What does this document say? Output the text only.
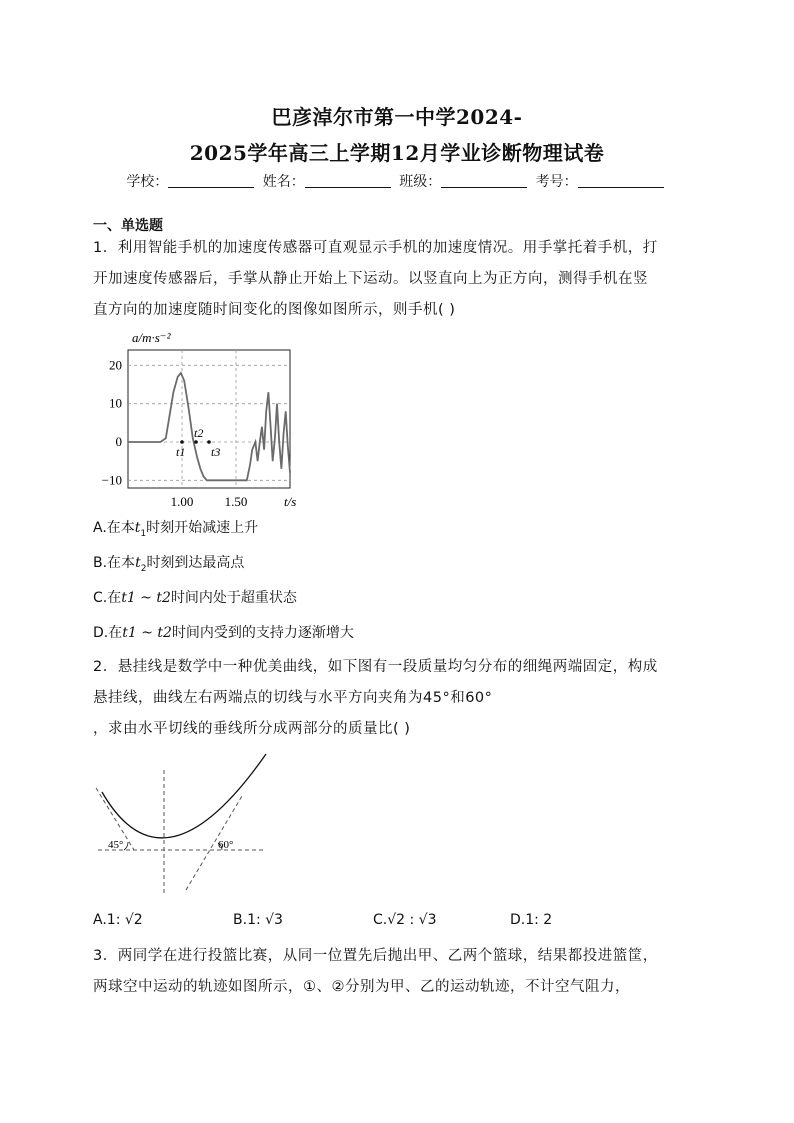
巴彦淖尔市第一中学2024-
2025学年高三上学期12月学业诊断物理试卷
学校：	姓名：	班级：	考号：
一、单选题
1．利用智能手机的加速度传感器可直观显示手机的加速度情况。用手掌托着手机，打
开加速度传感器后，手掌从静止开始上下运动。以竖直向上为正方向，测得手机在竖
直方向的加速度随时间变化的图像如图所示，则手机( )
20
10
0
−10
1.00 1.50
a/m·s⁻²
t/s
t1
t2
t3
A.在本$t_1$时刻开始减速上升
B.在本$t_2$时刻到达最高点
C.在t1 ~ t2时间内处于超重状态
D.在t1 ~ t2时间内受到的支持力逐渐增大
2．悬挂线是数学中一种优美曲线，如下图有一段质量均匀分布的细绳两端固定，构成
悬挂线，曲线左右两端点的切线与水平方向夹角为45°和60°
，求由水平切线的垂线所分成两部分的质量比( )
45°	60°
A.1: √2	B.1: √3	C.√2 : √3	D.1: 2
3．两同学在进行投篮比赛，从同一位置先后抛出甲、乙两个篮球，结果都投进篮筐，
两球空中运动的轨迹如图所示，①、②分别为甲、乙的运动轨迹，不计空气阻力，
